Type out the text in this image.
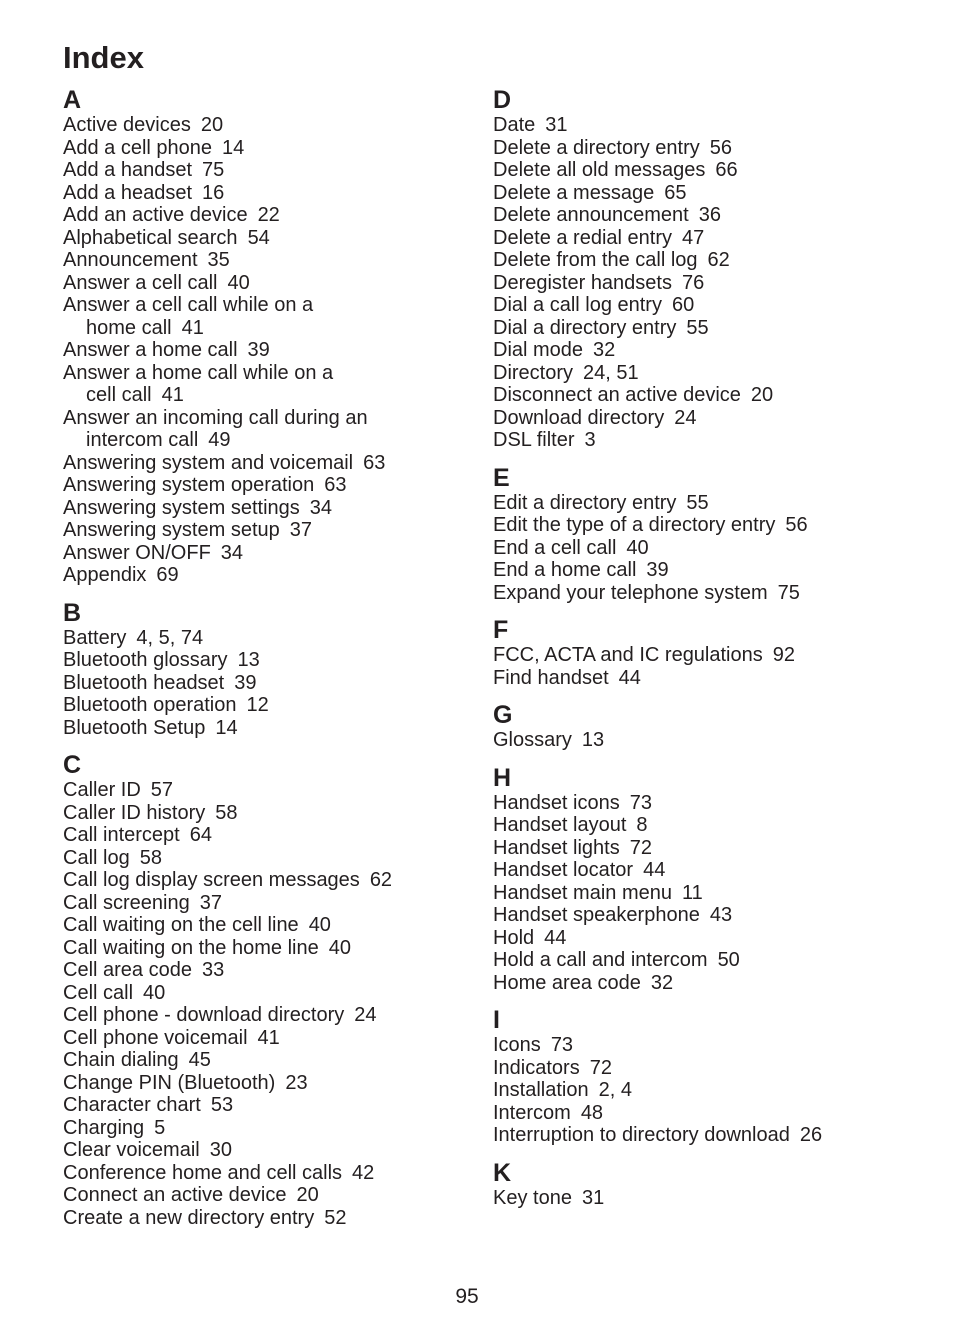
Index
A
Active devices 20
Add a cell phone 14
Add a handset 75
Add a headset 16
Add an active device 22
Alphabetical search 54
Announcement 35
Answer a cell call 40
Answer a cell call while on a
home call 41
Answer a home call 39
Answer a home call while on a
cell call 41
Answer an incoming call during an
intercom call 49
Answering system and voicemail 63
Answering system operation 63
Answering system settings 34
Answering system setup 37
Answer ON/OFF 34
Appendix 69
B
Battery 4, 5, 74
Bluetooth glossary 13
Bluetooth headset 39
Bluetooth operation 12
Bluetooth Setup 14
C
Caller ID 57
Caller ID history 58
Call intercept 64
Call log 58
Call log display screen messages 62
Call screening 37
Call waiting on the cell line 40
Call waiting on the home line 40
Cell area code 33
Cell call 40
Cell phone - download directory 24
Cell phone voicemail 41
Chain dialing 45
Change PIN (Bluetooth) 23
Character chart 53
Charging 5
Clear voicemail 30
Conference home and cell calls 42
Connect an active device 20
Create a new directory entry 52
D
Date 31
Delete a directory entry 56
Delete all old messages 66
Delete a message 65
Delete announcement 36
Delete a redial entry 47
Delete from the call log 62
Deregister handsets 76
Dial a call log entry 60
Dial a directory entry 55
Dial mode 32
Directory 24, 51
Disconnect an active device 20
Download directory 24
DSL filter 3
E
Edit a directory entry 55
Edit the type of a directory entry 56
End a cell call 40
End a home call 39
Expand your telephone system 75
F
FCC, ACTA and IC regulations 92
Find handset 44
G
Glossary 13
H
Handset icons 73
Handset layout 8
Handset lights 72
Handset locator 44
Handset main menu 11
Handset speakerphone 43
Hold 44
Hold a call and intercom 50
Home area code 32
I
Icons 73
Indicators 72
Installation 2, 4
Intercom 48
Interruption to directory download 26
K
Key tone 31
95
